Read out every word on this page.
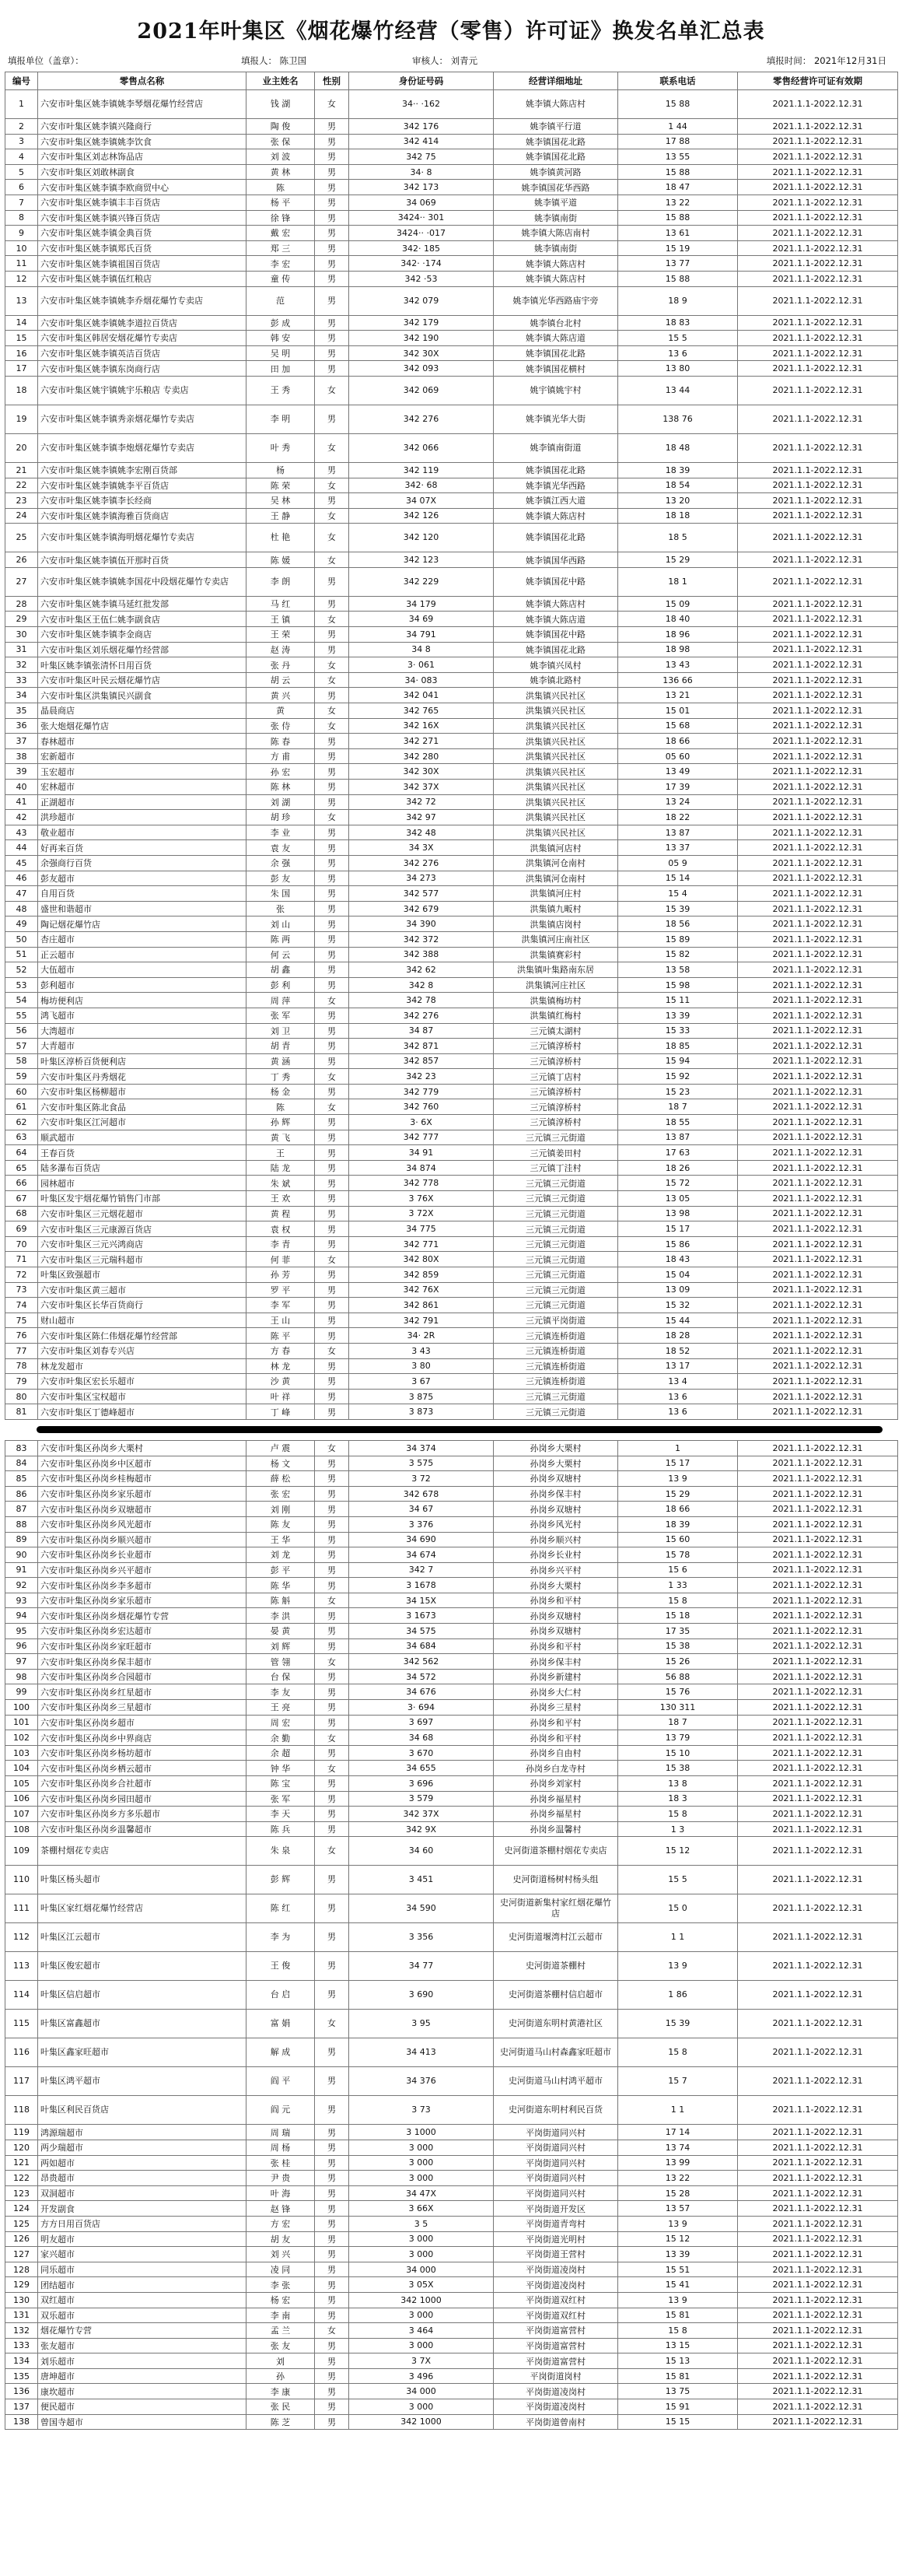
2021年叶集区《烟花爆竹经营（零售）许可证》换发名单汇总表
填报单位（盖章）：	填报人： 陈卫国	审核人： 刘青元	填报时间： 2021年12月31日
编号	零售点名称	业主姓名	性别	身份证号码	经营详细地址	联系电话	零售经营许可证有效期
1	六安市叶集区姚李镇姚李琴烟花爆竹经营店	钱 湖	女	34·· ·162	姚李镇大陈店村	15 88	2021.1.1-2022.12.31
2	六安市叶集区姚李镇兴隆商行	陶 俊	男	342 176	姚李镇平行道	1 44	2021.1.1-2022.12.31
3	六安市叶集区姚李镇姚李饮食	张 保	男	342 414	姚李镇国花北路	17 88	2021.1.1-2022.12.31
4	六安市叶集区刘志林饰品店	刘 波	男	342 75	姚李镇国花北路	13 55	2021.1.1-2022.12.31
5	六安市叶集区刘敢林副食	黄 林	男	34· 8	姚李镇黄河路	15 88	2021.1.1-2022.12.31
6	六安市叶集区姚李镇李欧商贸中心	陈	男	342 173	姚李镇国花华西路	18 47	2021.1.1-2022.12.31
7	六安市叶集区姚李镇丰丰百货店	杨 平	男	34 069	姚李镇平道	13 22	2021.1.1-2022.12.31
8	六安市叶集区姚李镇兴锋百货店	徐 锋	男	3424·· 301	姚李镇南街	15 88	2021.1.1-2022.12.31
9	六安市叶集区姚李镇金典百货	戴 宏	男	3424·· ·017	姚李镇大陈店南村	13 61	2021.1.1-2022.12.31
10	六安市叶集区姚李镇郑氏百货	郑 三	男	342· 185	姚李镇南街	15 19	2021.1.1-2022.12.31
11	六安市叶集区姚李镇祖国百货店	李 宏	男	342· ·174	姚李镇大陈店村	13 77	2021.1.1-2022.12.31
12	六安市叶集区姚李镇伍红粮店	童 传	男	342 ·53	姚李镇大陈店村	15 88	2021.1.1-2022.12.31
13	六安市叶集区姚李镇姚李乔烟花爆竹专卖店	范	男	342 079	姚李镇光华西路庙宇旁	18 9	2021.1.1-2022.12.31
14	六安市叶集区姚李镇姚李道拉百货店	彭 成	男	342 179	姚李镇台北村	18 83	2021.1.1-2022.12.31
15	六安市叶集区韩居安烟花爆竹专卖店	韩 安	男	342 190	姚李镇大陈店道	15 5	2021.1.1-2022.12.31
16	六安市叶集区姚李镇英洁百货店	吴 明	男	342 30X	姚李镇国花北路	13 6	2021.1.1-2022.12.31
17	六安市叶集区姚李镇东岗商行店	田 加	男	342 093	姚李镇国花横村	13 80	2021.1.1-2022.12.31
18	六安市叶集区姚宇镇姚宇乐粮店 专卖店	王 秀	女	342 069	姚宇镇姚宇村	13 44	2021.1.1-2022.12.31
19	六安市叶集区姚李镇秀亲烟花爆竹专卖店	李 明	男	342 276	姚李镇光华大街	138 76	2021.1.1-2022.12.31
20	六安市叶集区姚李镇李炮烟花爆竹专卖店	叶 秀	女	342 066	姚李镇南街道	18 48	2021.1.1-2022.12.31
21	六安市叶集区姚李镇姚李宏刚百货部	杨	男	342 119	姚李镇国花北路	18 39	2021.1.1-2022.12.31
22	六安市叶集区姚李镇姚李平百货店	陈 荣	女	342· 68	姚李镇光华西路	18 54	2021.1.1-2022.12.31
23	六安市叶集区姚李镇李长经商	吴 林	男	34 07X	姚李镇江西大道	13 20	2021.1.1-2022.12.31
24	六安市叶集区姚李镇海雅百货商店	王 静	女	342 126	姚李镇大陈店村	18 18	2021.1.1-2022.12.31
25	六安市叶集区姚李镇海明烟花爆竹专卖店	杜 艳	女	342 120	姚李镇国花北路	18 5	2021.1.1-2022.12.31
26	六安市叶集区姚李镇伍开那时百货	陈 媛	女	342 123	姚李镇国华西路	15 29	2021.1.1-2022.12.31
27	六安市叶集区姚李镇姚李国花中段烟花爆竹专卖店	李 朗	男	342 229	姚李镇国花中路	18 1	2021.1.1-2022.12.31
28	六安市叶集区姚李镇马延红批发部	马 红	男	34 179	姚李镇大陈店村	15 09	2021.1.1-2022.12.31
29	六安市叶集区王伍仁姚李副食店	王 镇	女	34 69	姚李镇大陈店道	18 40	2021.1.1-2022.12.31
30	六安市叶集区姚李镇李金商店	王 荣	男	34 791	姚李镇国花中路	18 96	2021.1.1-2022.12.31
31	六安市叶集区刘乐烟花爆竹经营部	赵 涛	男	34 8	姚李镇国花北路	18 98	2021.1.1-2022.12.31
32	叶集区姚李镇张清怀日用百货	张 丹	女	3· 061	姚李镇兴凤村	13 43	2021.1.1-2022.12.31
33	六安市叶集区叶民云烟花爆竹店	胡 云	女	34· 083	姚李镇北路村	136 66	2021.1.1-2022.12.31
34	六安市叶集区洪集镇民兴副食	黄 兴	男	342 041	洪集镇兴民社区	13 21	2021.1.1-2022.12.31
35	晶晨商店	黄	女	342 765	洪集镇兴民社区	15 01	2021.1.1-2022.12.31
36	张大炮烟花爆竹店	张 侍	女	342 16X	洪集镇兴民社区	15 68	2021.1.1-2022.12.31
37	春林超市	陈 春	男	342 271	洪集镇兴民社区	18 66	2021.1.1-2022.12.31
38	宏新超市	方 甫	男	342 280	洪集镇兴民社区	05 60	2021.1.1-2022.12.31
39	玉宏超市	孙 宏	男	342 30X	洪集镇兴民社区	13 49	2021.1.1-2022.12.31
40	宏林超市	陈 林	男	342 37X	洪集镇兴民社区	17 39	2021.1.1-2022.12.31
41	正湖超市	刘 湖	男	342 72	洪集镇兴民社区	13 24	2021.1.1-2022.12.31
42	洪珍超市	胡 珍	女	342 97	洪集镇兴民社区	18 22	2021.1.1-2022.12.31
43	敬业超市	李 业	男	342 48	洪集镇兴民社区	13 87	2021.1.1-2022.12.31
44	好再来百货	袁 友	男	34 3X	洪集镇河店村	13 37	2021.1.1-2022.12.31
45	余强商行百货	余 强	男	342 276	洪集镇河仓南村	05 9	2021.1.1-2022.12.31
46	彭友超市	彭 友	男	34 273	洪集镇河仓南村	15 14	2021.1.1-2022.12.31
47	自用百货	朱 国	男	342 577	洪集镇河庄村	15 4	2021.1.1-2022.12.31
48	盛世和谐超市	张	男	342 679	洪集镇九畈村	15 39	2021.1.1-2022.12.31
49	陶记烟花爆竹店	刘 山	男	34 390	洪集镇店岗村	18 56	2021.1.1-2022.12.31
50	杏庄超市	陈 两	男	342 372	洪集镇河庄南社区	15 89	2021.1.1-2022.12.31
51	正云超市	何 云	男	342 388	洪集镇赛彩村	15 82	2021.1.1-2022.12.31
52	大伍超市	胡 鑫	男	342 62	洪集镇叶集路南东居	13 58	2021.1.1-2022.12.31
53	彭利超市	彭 利	男	342 8	洪集镇河庄社区	15 98	2021.1.1-2022.12.31
54	梅坊便利店	周 萍	女	342 78	洪集镇梅坊村	15 11	2021.1.1-2022.12.31
55	鸿飞超市	张 军	男	342 276	洪集镇红梅村	13 39	2021.1.1-2022.12.31
56	大湾超市	刘 卫	男	34 87	三元镇太湖村	15 33	2021.1.1-2022.12.31
57	大青超市	胡 青	男	342 871	三元镇淳桥村	18 85	2021.1.1-2022.12.31
58	叶集区淳桥百货便利店	黄 涵	男	342 857	三元镇淳桥村	15 94	2021.1.1-2022.12.31
59	六安市叶集区丹秀烟花	丁 秀	女	342 23	三元镇丁店村	15 92	2021.1.1-2022.12.31
60	六安市叶集区杨柳超市	杨 金	男	342 779	三元镇淳桥村	15 23	2021.1.1-2022.12.31
61	六安市叶集区陈北食品	陈	女	342 760	三元镇淳桥村	18 7	2021.1.1-2022.12.31
62	六安市叶集区江河超市	孙 辉	男	3· 6X	三元镇淳桥村	18 55	2021.1.1-2022.12.31
63	顺武超市	黄 飞	男	342 777	三元镇三元街道	13 87	2021.1.1-2022.12.31
64	王春百货	王	男	34 91	三元镇姜田村	17 63	2021.1.1-2022.12.31
65	陆多瀑布百货店	陆 龙	男	34 874	三元镇丁洼村	18 26	2021.1.1-2022.12.31
66	园林超市	朱 斌	男	342 778	三元镇三元街道	15 72	2021.1.1-2022.12.31
67	叶集区发宇烟花爆竹销售门市部	王 欢	男	3 76X	三元镇三元街道	13 05	2021.1.1-2022.12.31
68	六安市叶集区三元烟花超市	黄 程	男	3 72X	三元镇三元街道	13 98	2021.1.1-2022.12.31
69	六安市叶集区三元康源百货店	袁 权	男	34 775	三元镇三元街道	15 17	2021.1.1-2022.12.31
70	六安市叶集区三元兴鸿商店	李 青	男	342 771	三元镇三元街道	15 86	2021.1.1-2022.12.31
71	六安市叶集区三元瑞科超市	何 菲	女	342 80X	三元镇三元街道	18 43	2021.1.1-2022.12.31
72	叶集区致强超市	孙 芳	男	342 859	三元镇三元街道	15 04	2021.1.1-2022.12.31
73	六安市叶集区黄三超市	罗 平	男	342 76X	三元镇三元街道	13 09	2021.1.1-2022.12.31
74	六安市叶集区长华百货商行	李 军	男	342 861	三元镇三元街道	15 32	2021.1.1-2022.12.31
75	财山超市	王 山	男	342 791	三元镇平岗街道	15 44	2021.1.1-2022.12.31
76	六安市叶集区陈仁伟烟花爆竹经营部	陈 平	男	34· 2R	三元镇连桥街道	18 28	2021.1.1-2022.12.31
77	六安市叶集区刘春专兴店	方 春	女	3 43	三元镇连桥街道	18 52	2021.1.1-2022.12.31
78	林龙发超市	林 龙	男	3 80	三元镇连桥街道	13 17	2021.1.1-2022.12.31
79	六安市叶集区宏长乐超市	沙 黄	男	3 67	三元镇连桥街道	13 4	2021.1.1-2022.12.31
80	六安市叶集区宝权超市	叶 祥	男	3 875	三元镇三元街道	13 6	2021.1.1-2022.12.31
81	六安市叶集区丁德峰超市	丁 峰	男	3 873	三元镇三元街道	13 6	2021.1.1-2022.12.31

83	六安市叶集区孙岗乡大栗村	卢 震	女	34 374	孙岗乡大栗村	1	2021.1.1-2022.12.31
84	六安市叶集区孙岗乡中区超市	杨 文	男	3 575	孙岗乡大栗村	15 17	2021.1.1-2022.12.31
85	六安市叶集区孙岗乡桂梅超市	薛 松	男	3 72	孙岗乡双塘村	13 9	2021.1.1-2022.12.31
86	六安市叶集区孙岗乡家乐超市	张 宏	男	342 678	孙岗乡保丰村	15 29	2021.1.1-2022.12.31
87	六安市叶集区孙岗乡双塘超市	刘 刚	男	34 67	孙岗乡双塘村	18 66	2021.1.1-2022.12.31
88	六安市叶集区孙岗乡风光超市	陈 友	男	3 376	孙岗乡风光村	18 39	2021.1.1-2022.12.31
89	六安市叶集区孙岗乡顺兴超市	王 华	男	34 690	孙岗乡顺兴村	15 60	2021.1.1-2022.12.31
90	六安市叶集区孙岗乡长业超市	刘 龙	男	34 674	孙岗乡长业村	15 78	2021.1.1-2022.12.31
91	六安市叶集区孙岗乡兴平超市	彭 平	男	342 7	孙岗乡兴平村	15 6	2021.1.1-2022.12.31
92	六安市叶集区孙岗乡李多超市	陈 华	男	3 1678	孙岗乡大栗村	1 33	2021.1.1-2022.12.31
93	六安市叶集区孙岗乡家乐超市	陈 斛	女	34 15X	孙岗乡和平村	15 8	2021.1.1-2022.12.31
94	六安市叶集区孙岗乡烟花爆竹专营	李 洪	男	3 1673	孙岗乡双塘村	15 18	2021.1.1-2022.12.31
95	六安市叶集区孙岗乡宏达超市	晏 黄	男	34 575	孙岗乡双塘村	17 35	2021.1.1-2022.12.31
96	六安市叶集区孙岗乡家旺超市	刘 辉	男	34 684	孙岗乡和平村	15 38	2021.1.1-2022.12.31
97	六安市叶集区孙岗乡保丰超市	管 翎	女	342 562	孙岗乡保丰村	15 26	2021.1.1-2022.12.31
98	六安市叶集区孙岗乡合园超市	台 保	男	34 572	孙岗乡新建村	56 88	2021.1.1-2022.12.31
99	六安市叶集区孙岗乡红星超市	李 友	男	34 676	孙岗乡大仁村	15 76	2021.1.1-2022.12.31
100	六安市叶集区孙岗乡三星超市	王 亮	男	3· 694	孙岗乡三星村	130 311	2021.1.1-2022.12.31
101	六安市叶集区孙岗乡超市	周 宏	男	3 697	孙岗乡和平村	18 7	2021.1.1-2022.12.31
102	六安市叶集区孙岗乡中界商店	余 勤	女	34 68	孙岗乡和平村	13 79	2021.1.1-2022.12.31
103	六安市叶集区孙岗乡杨坊超市	余 超	男	3 670	孙岗乡自由村	15 10	2021.1.1-2022.12.31
104	六安市叶集区孙岗乡栖云超市	钟 华	女	34 655	孙岗乡白龙寺村	15 38	2021.1.1-2022.12.31
105	六安市叶集区孙岗乡合社超市	陈 宝	男	3 696	孙岗乡刘家村	13 8	2021.1.1-2022.12.31
106	六安市叶集区孙岗乡园田超市	张 军	男	3 579	孙岗乡福星村	18 3	2021.1.1-2022.12.31
107	六安市叶集区孙岗乡方多乐超市	李 天	男	342 37X	孙岗乡福星村	15 8	2021.1.1-2022.12.31
108	六安市叶集区孙岗乡温馨超市	陈 兵	男	342 9X	孙岗乡温馨村	1 3	2021.1.1-2022.12.31
109	茶棚村烟花专卖店	朱 泉	女	34 60	史河街道茶棚村烟花专卖店	15 12	2021.1.1-2022.12.31
110	叶集区杨头超市	彭 辉	男	3 451	史河街道杨树村杨头组	15 5	2021.1.1-2022.12.31
111	叶集区家红烟花爆竹经营店	陈 红	男	34 590	史河街道新集村家红烟花爆竹店	15 0	2021.1.1-2022.12.31
112	叶集区江云超市	李 为	男	3 356	史河街道堰湾村江云超市	1 1	2021.1.1-2022.12.31
113	叶集区俊宏超市	王 俊	男	34 77	史河街道茶棚村	13 9	2021.1.1-2022.12.31
114	叶集区信启超市	台 启	男	3 690	史河街道茶棚村信启超市	1 86	2021.1.1-2022.12.31
115	叶集区富鑫超市	富 娟	女	3 95	史河街道东明村黄港社区	15 39	2021.1.1-2022.12.31
116	叶集区鑫家旺超市	解 成	男	34 413	史河街道马山村森鑫家旺超市	15 8	2021.1.1-2022.12.31
117	叶集区鸿平超市	阎 平	男	34 376	史河街道马山村鸿平超市	15 7	2021.1.1-2022.12.31
118	叶集区利民百货店	阎 元	男	3 73	史河街道东明村利民百货	1 1	2021.1.1-2022.12.31
119	鸿源瑞超市	周 瑞	男	3 1000	平岗街道同兴村	17 14	2021.1.1-2022.12.31
120	两少瑞超市	周 杨	男	3 000	平岗街道同兴村	13 74	2021.1.1-2022.12.31
121	两如超市	张 桂	男	3 000	平岗街道同兴村	13 99	2021.1.1-2022.12.31
122	昂贵超市	尹 贵	男	3 000	平岗街道同兴村	13 22	2021.1.1-2022.12.31
123	双洞超市	叶 海	男	34 47X	平岗街道同兴村	15 28	2021.1.1-2022.12.31
124	开发副食	赵 锋	男	3 66X	平岗街道开发区	13 57	2021.1.1-2022.12.31
125	方方日用百货店	方 宏	男	3 5	平岗街道青弯村	13 9	2021.1.1-2022.12.31
126	明友超市	胡 友	男	3 000	平岗街道光明村	15 12	2021.1.1-2022.12.31
127	家兴超市	刘 兴	男	3 000	平岗街道王营村	13 39	2021.1.1-2022.12.31
128	同乐超市	凌 同	男	34 000	平岗街道凌岗村	15 51	2021.1.1-2022.12.31
129	团结超市	李 张	男	3 05X	平岗街道凌岗村	15 41	2021.1.1-2022.12.31
130	双红超市	杨 宏	男	342 1000	平岗街道双红村	13 9	2021.1.1-2022.12.31
131	双乐超市	李 南	男	3 000	平岗街道双红村	15 81	2021.1.1-2022.12.31
132	烟花爆竹专营	孟 兰	女	3 464	平岗街道富营村	15 8	2021.1.1-2022.12.31
133	张友超市	张 友	男	3 000	平岗街道富营村	13 15	2021.1.1-2022.12.31
134	刘乐超市	刘	男	3 7X	平岗街道富营村	15 13	2021.1.1-2022.12.31
135	唐坤超市	孙	男	3 496	平岗街道岗村	15 81	2021.1.1-2022.12.31
136	康坎超市	李 康	男	34 000	平岗街道凌岗村	13 75	2021.1.1-2022.12.31
137	便民超市	张 民	男	3 000	平岗街道凌岗村	15 91	2021.1.1-2022.12.31
138	曾国寺超市	陈 芝	男	342 1000	平岗街道曾南村	15 15	2021.1.1-2022.12.31
